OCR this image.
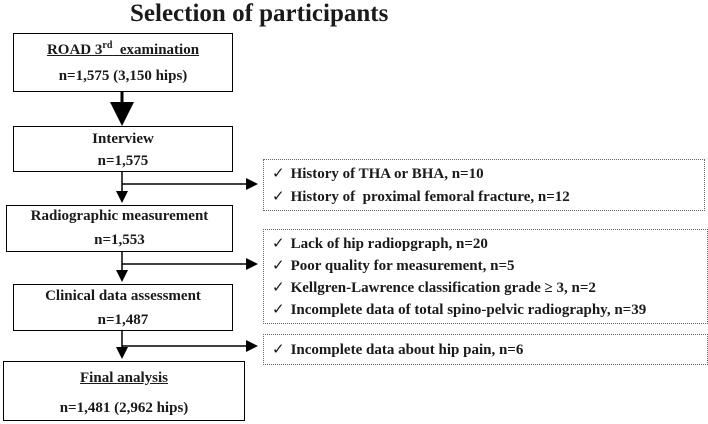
Selection of participants
ROAD 3rd  examination
n=1,575 (3,150 hips)
Interview
n=1,575
Radiographic measurement
n=1,553
Clinical data assessment
n=1,487
Final analysis
n=1,481 (2,962 hips)
✓ History of THA or BHA, n=10
✓ History of  proximal femoral fracture, n=12
✓ Lack of hip radiopgraph, n=20
✓ Poor quality for measurement, n=5
✓ Kellgren-Lawrence classification grade ≥ 3, n=2
✓ Incomplete data of total spino-pelvic radiography, n=39
✓ Incomplete data about hip pain, n=6
